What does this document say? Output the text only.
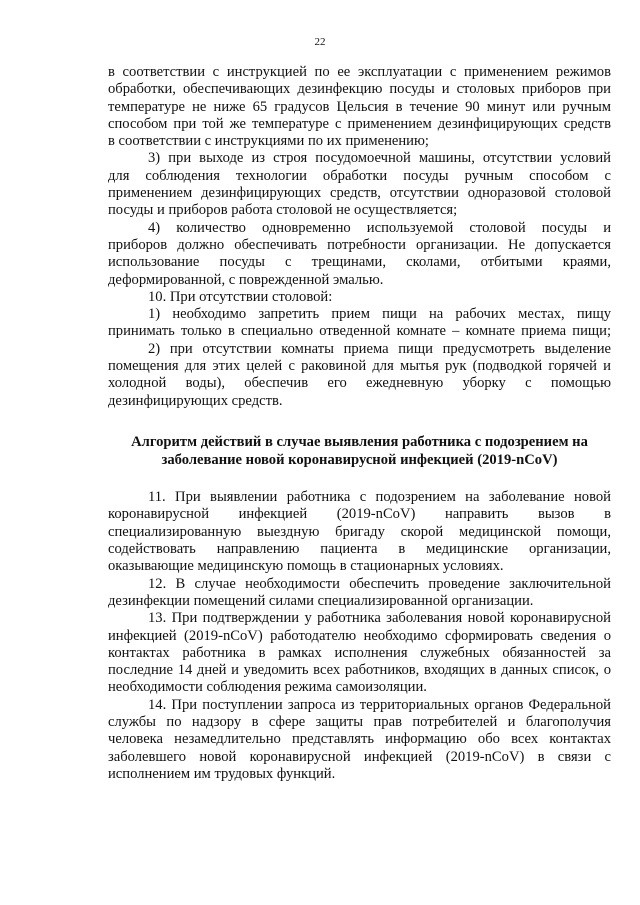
22
в соответствии с инструкцией по ее эксплуатации с применением режимов
обработки, обеспечивающих дезинфекцию посуды и столовых приборов при
температуре не ниже 65 градусов Цельсия в течение 90 минут или ручным
способом при той же температуре с применением дезинфицирующих средств
в соответствии с инструкциями по их применению;
3) при выходе из строя посудомоечной машины, отсутствии условий
для соблюдения технологии обработки посуды ручным способом с
применением дезинфицирующих средств, отсутствии одноразовой столовой
посуды и приборов работа столовой не осуществляется;
4) количество одновременно используемой столовой посуды и
приборов должно обеспечивать потребности организации. Не допускается
использование посуды с трещинами, сколами, отбитыми краями,
деформированной, с поврежденной эмалью.
10. При отсутствии столовой:
1) необходимо запретить прием пищи на рабочих местах, пищу
принимать только в специально отведенной комнате – комнате приема пищи;
2) при отсутствии комнаты приема пищи предусмотреть выделение
помещения для этих целей с раковиной для мытья рук (подводкой горячей и
холодной воды), обеспечив его ежедневную уборку с помощью
дезинфицирующих средств.
Алгоритм действий в случае выявления работника с подозрением на
заболевание новой коронавирусной инфекцией (2019-nCoV)
11. При выявлении работника с подозрением на заболевание новой
коронавирусной инфекцией (2019-nCoV) направить вызов в
специализированную выездную бригаду скорой медицинской помощи,
содействовать направлению пациента в медицинские организации,
оказывающие медицинскую помощь в стационарных условиях.
12. В случае необходимости обеспечить проведение заключительной
дезинфекции помещений силами специализированной организации.
13. При подтверждении у работника заболевания новой коронавирусной
инфекцией (2019-nCoV) работодателю необходимо сформировать сведения о
контактах работника в рамках исполнения служебных обязанностей за
последние 14 дней и уведомить всех работников, входящих в данных список, о
необходимости соблюдения режима самоизоляции.
14. При поступлении запроса из территориальных органов Федеральной
службы по надзору в сфере защиты прав потребителей и благополучия
человека незамедлительно представлять информацию обо всех контактах
заболевшего новой коронавирусной инфекцией (2019-nCoV) в связи с
исполнением им трудовых функций.
